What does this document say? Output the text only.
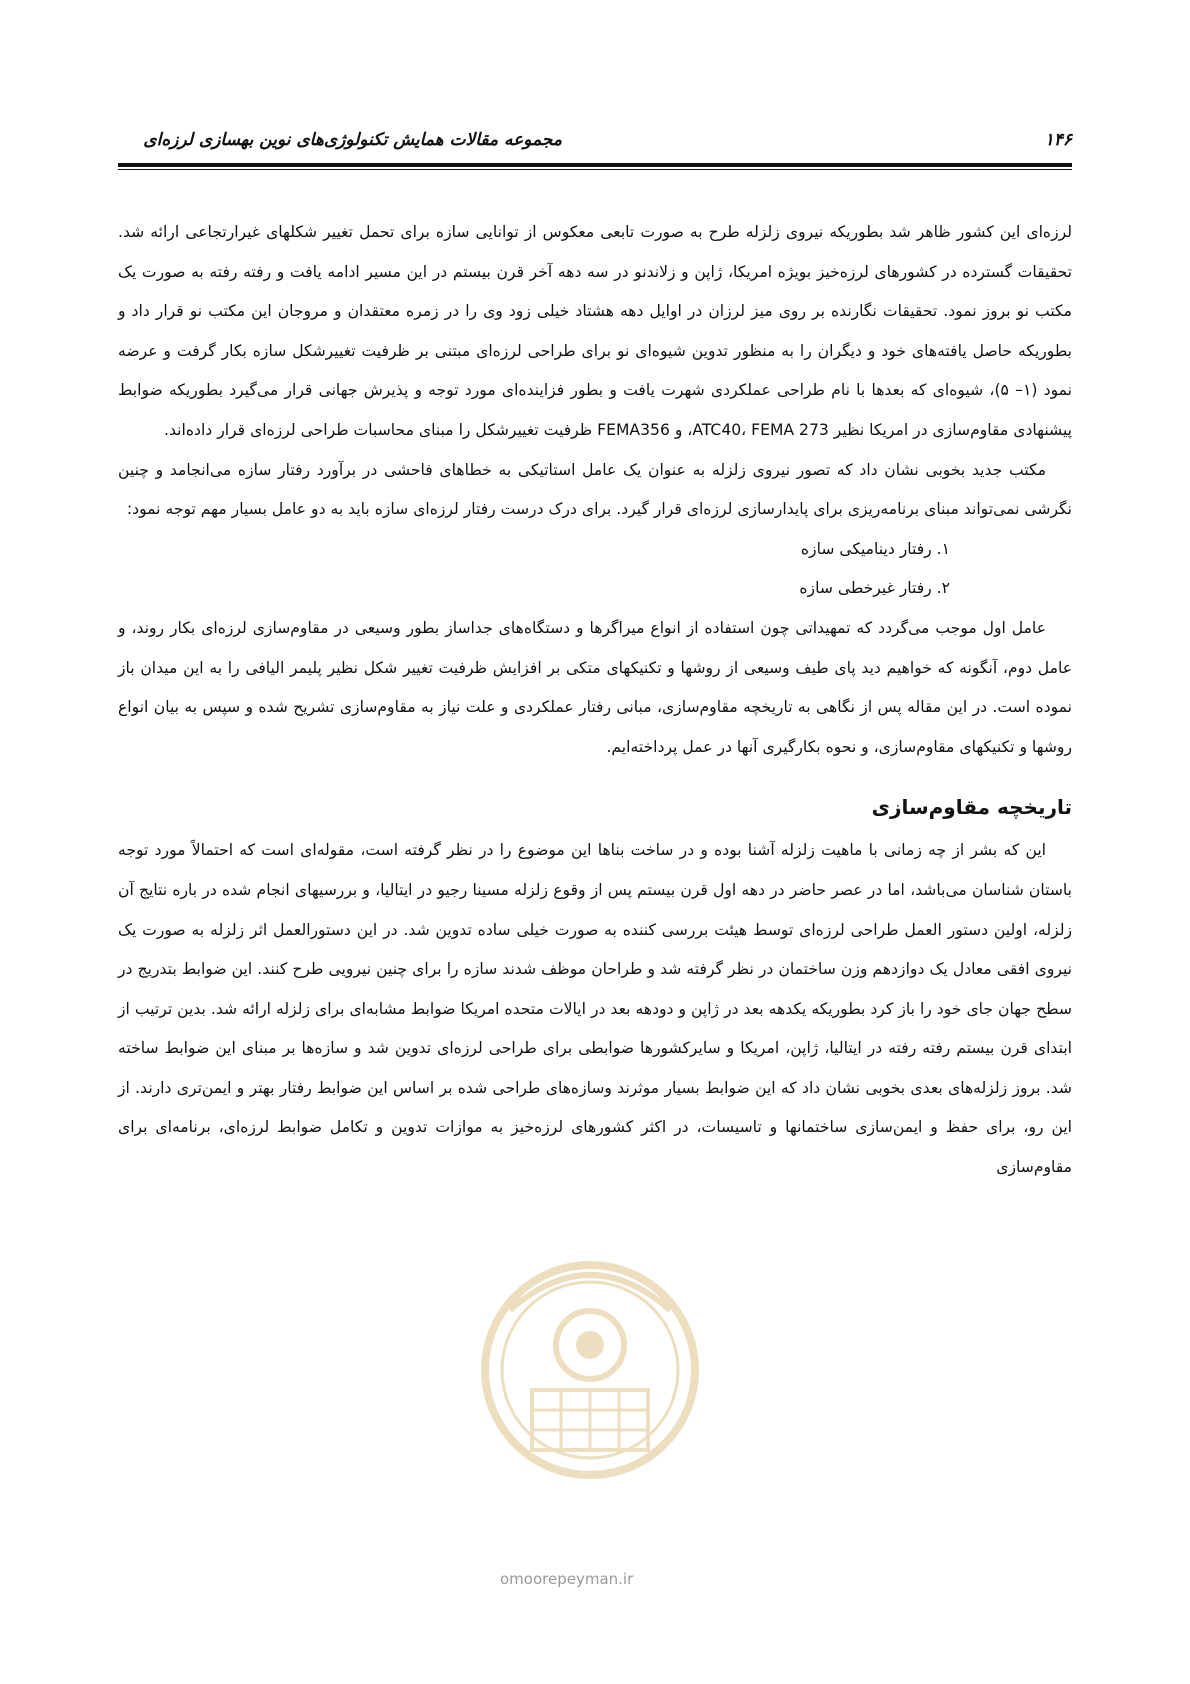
مجموعه مقالات همایش تکنولوژی‌های نوین بهسازی لرزه‌ای	۱۴۶

لرزه‌ای این کشور ظاهر شد بطوریکه نیروی زلزله طرح به صورت تابعی معکوس از توانایی سازه برای تحمل تغییر شکلهای غیرارتجاعی ارائه شد. تحقیقات گسترده در کشورهای لرزه‌خیز بویژه امریکا، ژاپن و زلاندنو در سه دهه آخر قرن بیستم در این مسیر ادامه یافت و رفته رفته به صورت یک مکتب نو بروز نمود. تحقیقات نگارنده بر روی میز لرزان در اوایل دهه هشتاد خیلی زود وی را در زمره معتقدان و مروجان این مکتب نو قرار داد و بطوریکه حاصل یافته‌های خود و دیگران را به منظور تدوین شیوه‌ای نو برای طراحی لرزه‌ای مبتنی بر ظرفیت تغییرشکل سازه بکار گرفت و عرضه نمود (۱– ۵)، شیوه‌ای که بعدها با نام طراحی عملکردی شهرت یافت و بطور فزاینده‌ای مورد توجه و پذیرش جهانی قرار می‌گیرد بطوریکه ضوابط پیشنهادی مقاوم‌سازی در امریکا نظیر ATC40، FEMA 273، و FEMA356 ظرفیت تغییرشکل را مبنای محاسبات طراحی لرزه‌ای قرار داده‌اند.

مکتب جدید بخوبی نشان داد که تصور نیروی زلزله به عنوان یک عامل استاتیکی به خطاهای فاحشی در برآورد رفتار سازه می‌انجامد و چنین نگرشی نمی‌تواند مبنای برنامه‌ریزی برای پایدارسازی لرزه‌ای قرار گیرد. برای درک درست رفتار لرزه‌ای سازه باید به دو عامل بسیار مهم توجه نمود:

۱. رفتار دینامیکی سازه

۲. رفتار غیرخطی سازه

عامل اول موجب می‌گردد که تمهیداتی چون استفاده از انواع میراگرها و دستگاه‌های جداساز بطور وسیعی در مقاوم‌سازی لرزه‌ای بکار روند، و عامل دوم، آنگونه که خواهیم دید پای طیف وسیعی از روشها و تکنیکهای متکی بر افزایش ظرفیت تغییر شکل نظیر پلیمر الیافی را به این میدان باز نموده است. در این مقاله پس از نگاهی به تاریخچه مقاوم‌سازی، مبانی رفتار عملکردی و علت نیاز به مقاوم‌سازی تشریح شده و سپس به بیان انواع روشها و تکنیکهای مقاوم‌سازی، و نحوه بکارگیری آنها در عمل پرداخته‌ایم.

تاریخچه مقاوم‌سازی

این که بشر از چه زمانی با ماهیت زلزله آشنا بوده و در ساخت بناها این موضوع را در نظر گرفته است، مقوله‌ای است که احتمالاً مورد توجه باستان شناسان می‌باشد، اما در عصر حاضر در دهه اول قرن بیستم پس از وقوع زلزله مسینا رجیو در ایتالیا، و بررسیهای انجام شده در باره نتایج آن زلزله، اولین دستور العمل طراحی لرزه‌ای توسط هیئت بررسی کننده به صورت خیلی ساده تدوین شد. در این دستورالعمل اثر زلزله به صورت یک نیروی افقی معادل یک دوازدهم وزن ساختمان در نظر گرفته شد و طراحان موظف شدند سازه را برای چنین نیرویی طرح کنند. این ضوابط بتدریج در سطح جهان جای خود را باز کرد بطوریکه یکدهه بعد در ژاپن و دودهه بعد در ایالات متحده امریکا ضوابط مشابه‌ای برای زلزله ارائه شد. بدین ترتیب از ابتدای قرن بیستم رفته رفته در ایتالیا، ژاپن، امریکا و سایرکشورها ضوابطی برای طراحی لرزه‌ای تدوین شد و سازه‌ها بر مبنای این ضوابط ساخته شد. بروز زلزله‌های بعدی بخوبی نشان داد که این ضوابط بسیار موثرند وسازه‌های طراحی شده بر اساس این ضوابط رفتار بهتر و ایمن‌تری دارند. از این رو، برای حفظ و ایمن‌سازی ساختمانها و تاسیسات، در اکثر کشورهای لرزه‌خیز به موازات تدوین و تکامل ضوابط لرزه‌ای، برنامه‌ای برای مقاوم‌سازی

omoorepeyman.ir
